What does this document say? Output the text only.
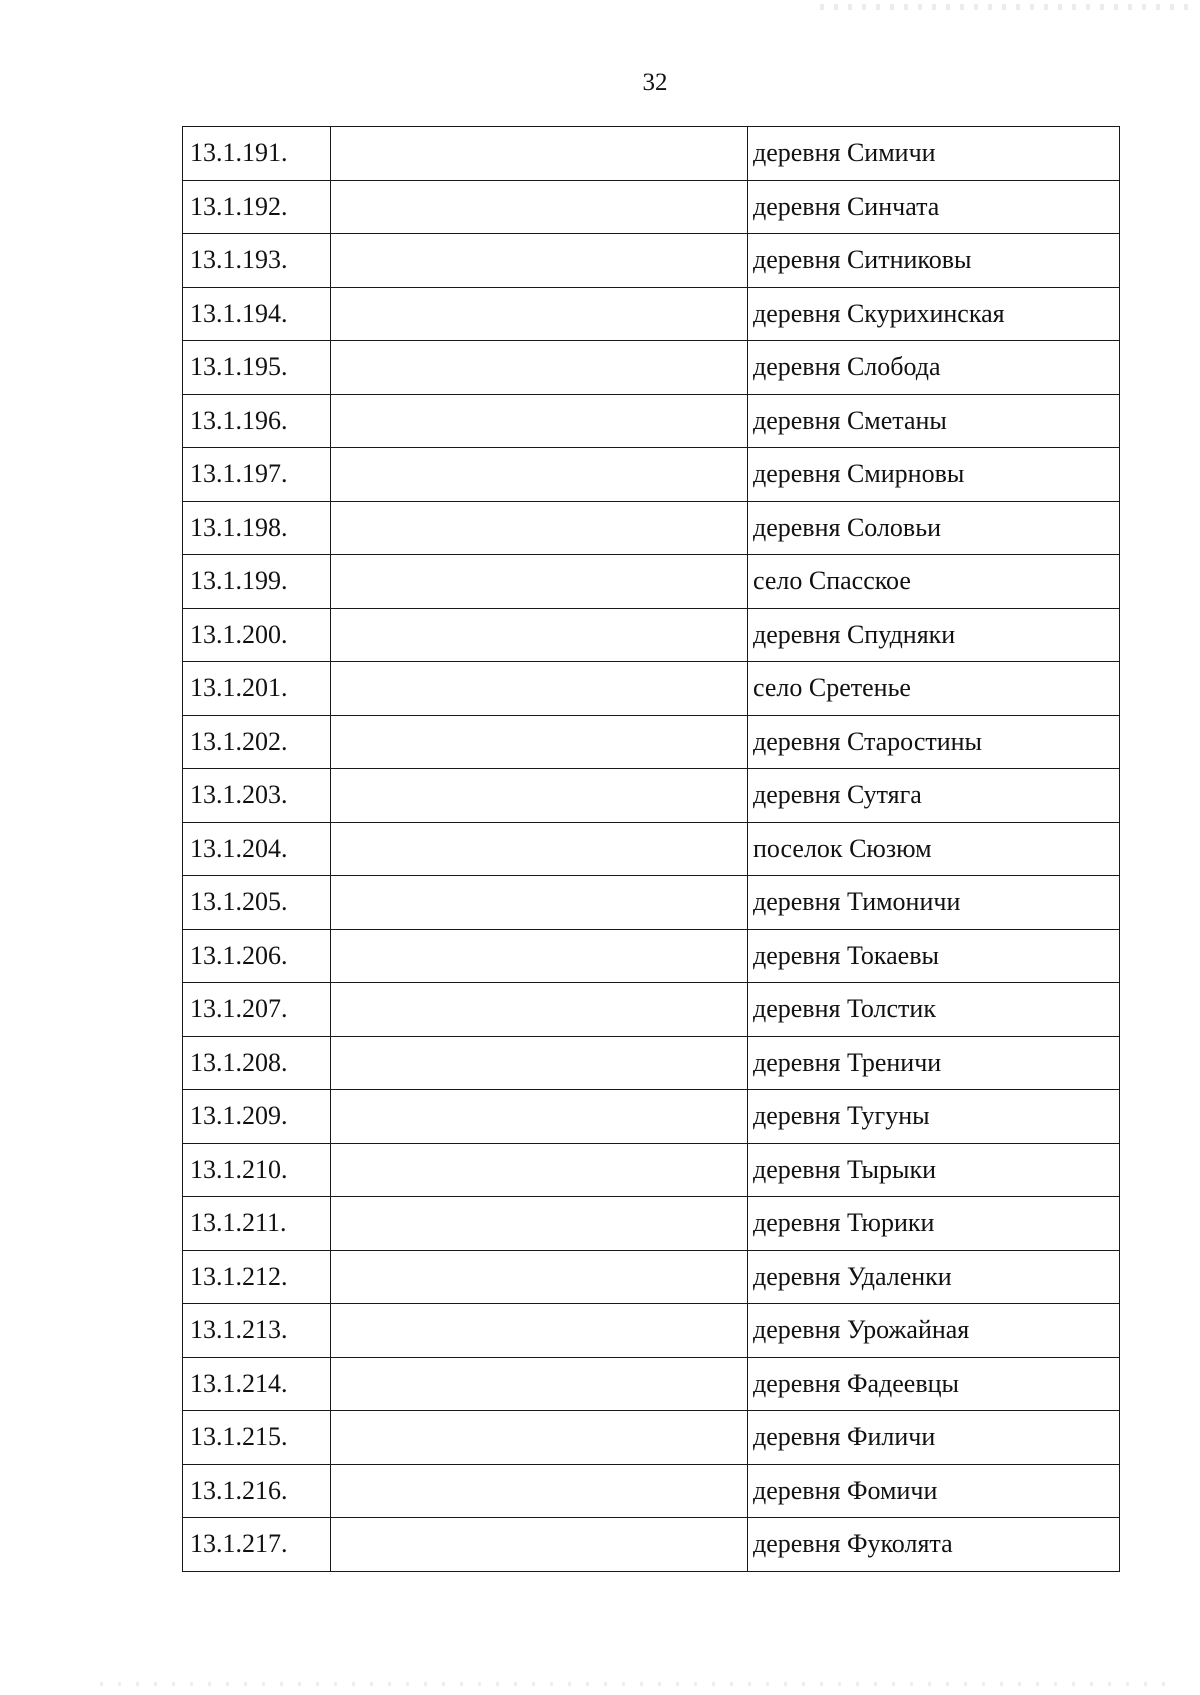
32
13.1.191.		деревня Симичи
13.1.192.		деревня Синчата
13.1.193.		деревня Ситниковы
13.1.194.		деревня Скурихинская
13.1.195.		деревня Слобода
13.1.196.		деревня Сметаны
13.1.197.		деревня Смирновы
13.1.198.		деревня Соловьи
13.1.199.		село Спасское
13.1.200.		деревня Спудняки
13.1.201.		село Сретенье
13.1.202.		деревня Старостины
13.1.203.		деревня Сутяга
13.1.204.		поселок Сюзюм
13.1.205.		деревня Тимоничи
13.1.206.		деревня Токаевы
13.1.207.		деревня Толстик
13.1.208.		деревня Треничи
13.1.209.		деревня Тугуны
13.1.210.		деревня Тырыки
13.1.211.		деревня Тюрики
13.1.212.		деревня Удаленки
13.1.213.		деревня Урожайная
13.1.214.		деревня Фадеевцы
13.1.215.		деревня Филичи
13.1.216.		деревня Фомичи
13.1.217.		деревня Фуколята
